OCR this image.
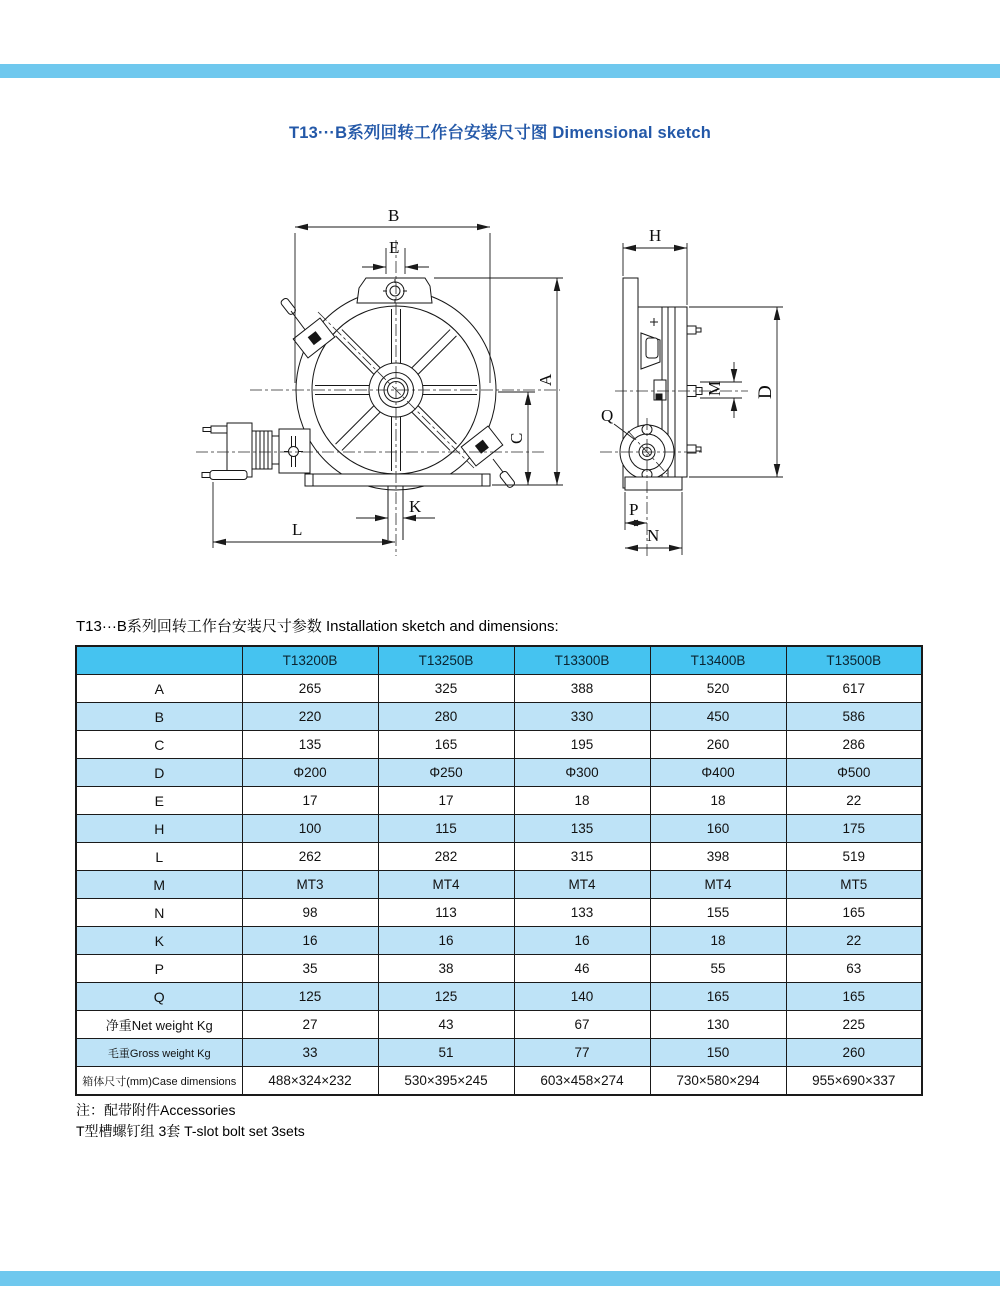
T13···B系列回转工作台安装尺寸图 Dimensional sketch
B
E
A
C
K
L
H
D
M
Q
P
N
T13···B系列回转工作台安装尺寸参数 Installation sketch and dimensions:
	T13200B	T13250B	T13300B	T13400B	T13500B
A	265	325	388	520	617
B	220	280	330	450	586
C	135	165	195	260	286
D	Φ200	Φ250	Φ300	Φ400	Φ500
E	17	17	18	18	22
H	100	115	135	160	175
L	262	282	315	398	519
M	MT3	MT4	MT4	MT4	MT5
N	98	113	133	155	165
K	16	16	16	18	22
P	35	38	46	55	63
Q	125	125	140	165	165
净重Net weight Kg	27	43	67	130	225
毛重Gross weight Kg	33	51	77	150	260
箱体尺寸(mm)Case dimensions	488×324×232	530×395×245	603×458×274	730×580×294	955×690×337
注：配带附件Accessories
T型槽螺钉组 3套 T-slot bolt set 3sets
